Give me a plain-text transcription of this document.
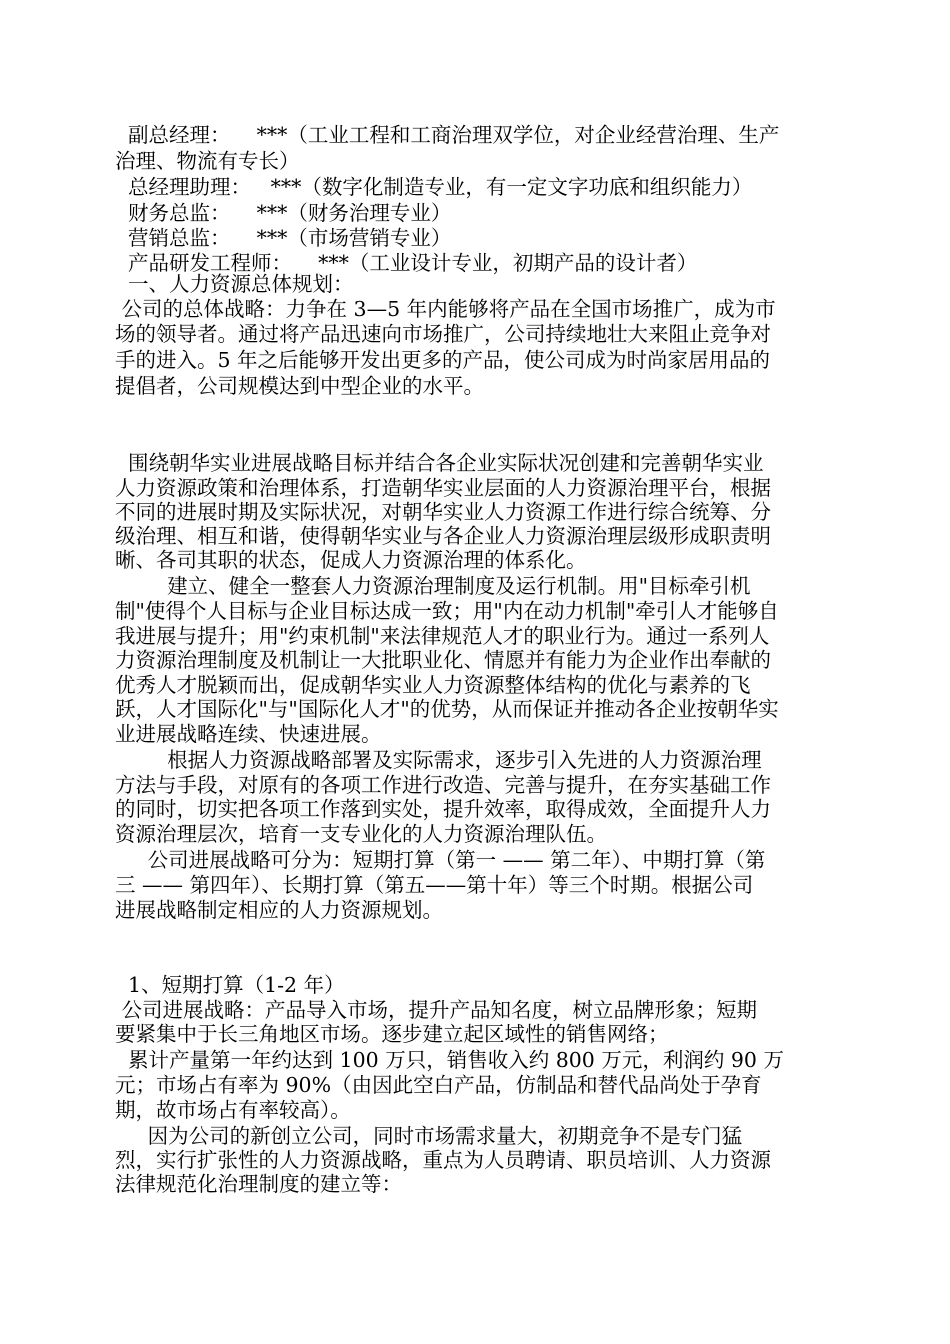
副总经理：    ***（工业工程和工商治理双学位，对企业经营治理、生产
治理、物流有专长）
总经理助理：   ***（数字化制造专业，有一定文字功底和组织能力）
财务总监：    ***（财务治理专业）
营销总监：    ***（市场营销专业）
产品研发工程师：    ***（工业设计专业，初期产品的设计者）
一、人力资源总体规划：
公司的总体战略：力争在 3—5 年内能够将产品在全国市场推广，成为市
场的领导者。通过将产品迅速向市场推广，公司持续地壮大来阻止竞争对
手的进入。5 年之后能够开发出更多的产品，使公司成为时尚家居用品的
提倡者，公司规模达到中型企业的水平。
围绕朝华实业进展战略目标并结合各企业实际状况创建和完善朝华实业
人力资源政策和治理体系，打造朝华实业层面的人力资源治理平台，根据
不同的进展时期及实际状况，对朝华实业人力资源工作进行综合统筹、分
级治理、相互和谐，使得朝华实业与各企业人力资源治理层级形成职责明
晰、各司其职的状态，促成人力资源治理的体系化。
建立、健全一整套人力资源治理制度及运行机制。用"目标牵引机
制"使得个人目标与企业目标达成一致；用"内在动力机制"牵引人才能够自
我进展与提升；用"约束机制"来法律规范人才的职业行为。通过一系列人
力资源治理制度及机制让一大批职业化、情愿并有能力为企业作出奉献的
优秀人才脱颖而出，促成朝华实业人力资源整体结构的优化与素养的飞
跃，人才国际化"与"国际化人才"的优势，从而保证并推动各企业按朝华实
业进展战略连续、快速进展。
根据人力资源战略部署及实际需求，逐步引入先进的人力资源治理
方法与手段，对原有的各项工作进行改造、完善与提升，在夯实基础工作
的同时，切实把各项工作落到实处，提升效率，取得成效，全面提升人力
资源治理层次，培育一支专业化的人力资源治理队伍。
公司进展战略可分为：短期打算（第一 —— 第二年）、中期打算（第
三 —— 第四年）、长期打算（第五——第十年）等三个时期。根据公司
进展战略制定相应的人力资源规划。
1、短期打算（1-2 年）
公司进展战略：产品导入市场，提升产品知名度，树立品牌形象；短期
要紧集中于长三角地区市场。逐步建立起区域性的销售网络；
累计产量第一年约达到 100 万只，销售收入约 800 万元，利润约 90 万
元；市场占有率为 90%（由因此空白产品，仿制品和替代品尚处于孕育
期，故市场占有率较高）。
因为公司的新创立公司，同时市场需求量大，初期竞争不是专门猛
烈，实行扩张性的人力资源战略，重点为人员聘请、职员培训、人力资源
法律规范化治理制度的建立等：
